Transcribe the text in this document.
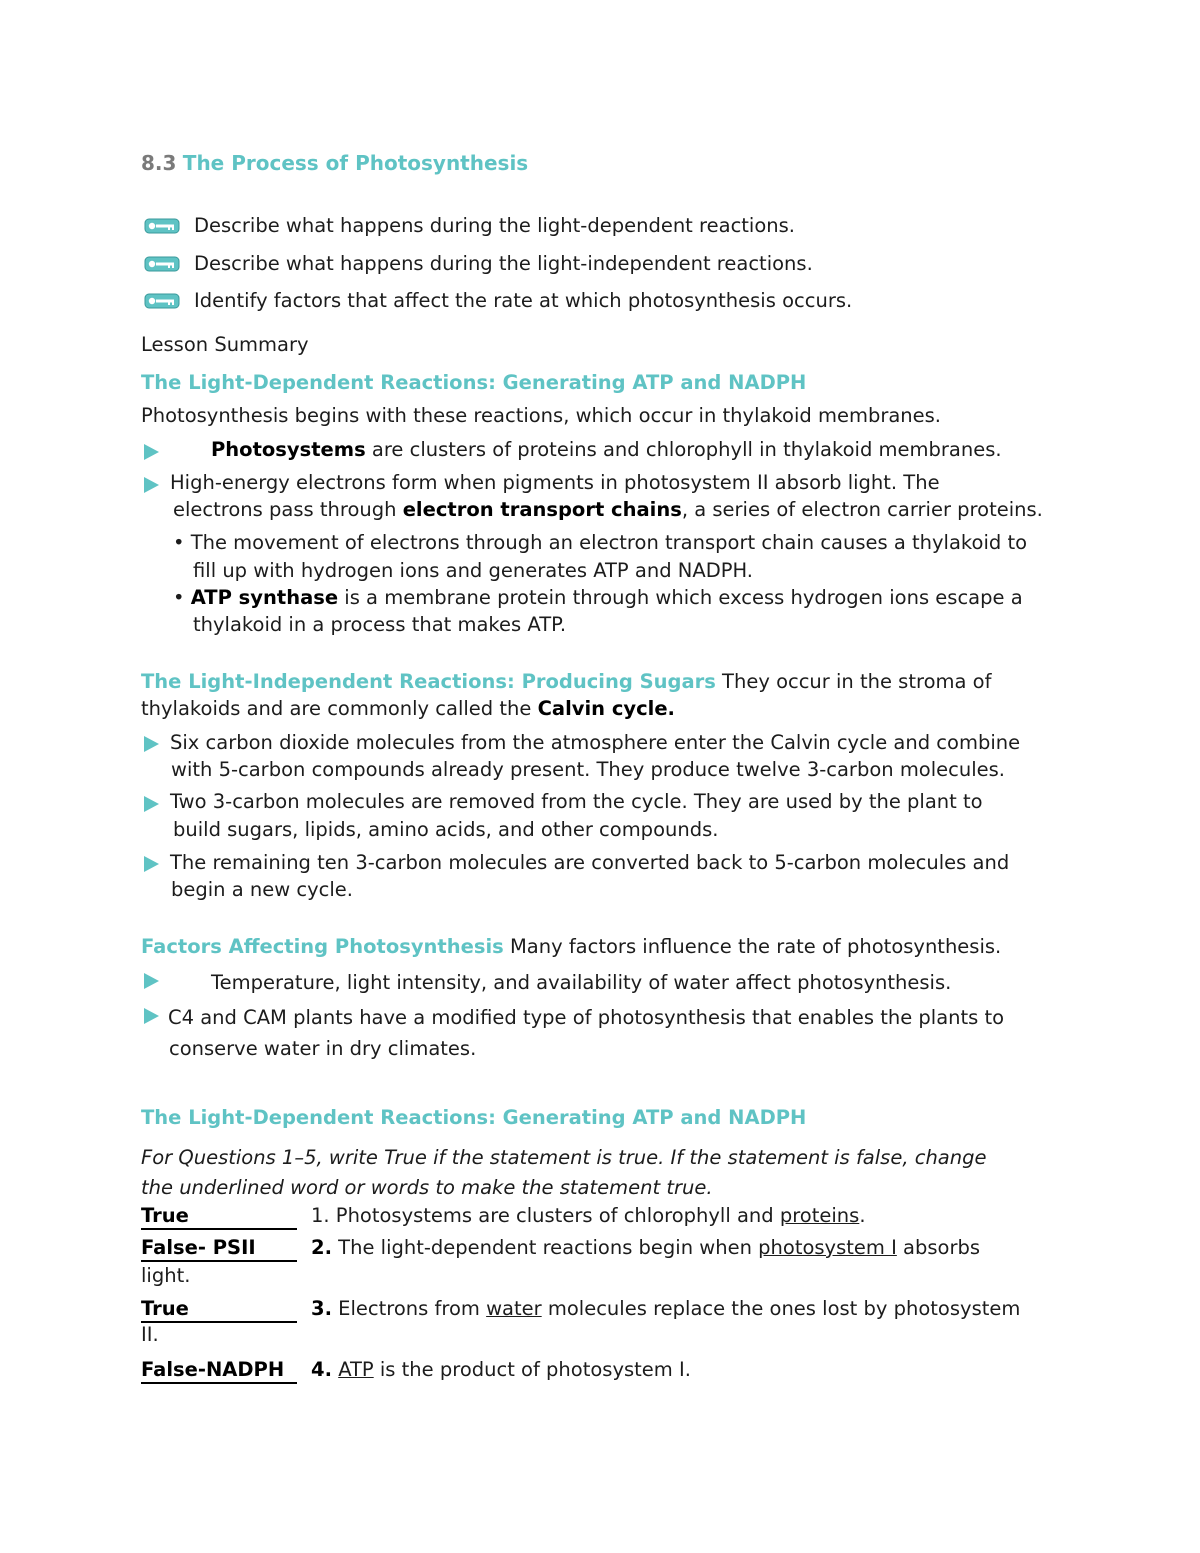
8.3 The Process of Photosynthesis
Describe what happens during the light-dependent reactions.
Describe what happens during the light-independent reactions.
Identify factors that affect the rate at which photosynthesis occurs.
Lesson Summary
The Light-Dependent Reactions: Generating ATP and NADPH
Photosynthesis begins with these reactions, which occur in thylakoid membranes.
Photosystems are clusters of proteins and chlorophyll in thylakoid membranes.
High-energy electrons form when pigments in photosystem II absorb light. The
electrons pass through electron transport chains, a series of electron carrier proteins.
• The movement of electrons through an electron transport chain causes a thylakoid to
fill up with hydrogen ions and generates ATP and NADPH.
• ATP synthase is a membrane protein through which excess hydrogen ions escape a
thylakoid in a process that makes ATP.
The Light-Independent Reactions: Producing Sugars They occur in the stroma of
thylakoids and are commonly called the Calvin cycle.
Six carbon dioxide molecules from the atmosphere enter the Calvin cycle and combine
with 5-carbon compounds already present. They produce twelve 3-carbon molecules.
Two 3-carbon molecules are removed from the cycle. They are used by the plant to
build sugars, lipids, amino acids, and other compounds.
The remaining ten 3-carbon molecules are converted back to 5-carbon molecules and
begin a new cycle.
Factors Affecting Photosynthesis Many factors influence the rate of photosynthesis.
Temperature, light intensity, and availability of water affect photosynthesis.
C4 and CAM plants have a modified type of photosynthesis that enables the plants to
conserve water in dry climates.
The Light-Dependent Reactions: Generating ATP and NADPH
For Questions 1–5, write True if the statement is true. If the statement is false, change
the underlined word or words to make the statement true.
True	1. Photosystems are clusters of chlorophyll and proteins.
False- PSII	2. The light-dependent reactions begin when photosystem I absorbs
light.
True	3. Electrons from water molecules replace the ones lost by photosystem
II.
False-NADPH	4. ATP is the product of photosystem I.
